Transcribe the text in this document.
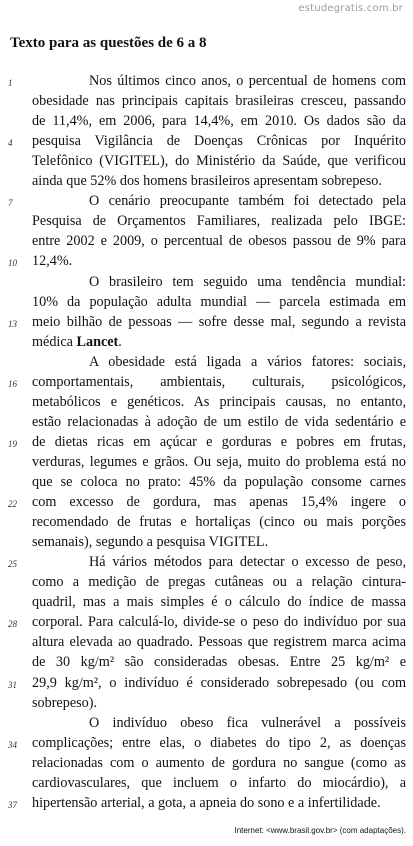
estudegratis.com.br
Texto para as questões de 6 a 8
Nos últimos cinco anos, o percentual de homens com
obesidade nas principais capitais brasileiras cresceu, passando
de 11,4%, em 2006, para 14,4%, em 2010. Os dados são da
pesquisa Vigilância de Doenças Crônicas por Inquérito
Telefônico (VIGITEL), do Ministério da Saúde, que verificou
ainda que 52% dos homens brasileiros apresentam sobrepeso.
O cenário preocupante também foi detectado pela
Pesquisa de Orçamentos Familiares, realizada pelo IBGE:
entre 2002 e 2009, o percentual de obesos passou de 9% para
12,4%.
O brasileiro tem seguido uma tendência mundial:
10% da população adulta mundial — parcela estimada em
meio bilhão de pessoas — sofre desse mal, segundo a revista
médica Lancet.
A obesidade está ligada a vários fatores: sociais,
comportamentais, ambientais, culturais, psicológicos,
metabólicos e genéticos. As principais causas, no entanto,
estão relacionadas à adoção de um estilo de vida sedentário e
de dietas ricas em açúcar e gorduras e pobres em frutas,
verduras, legumes e grãos. Ou seja, muito do problema está no
que se coloca no prato: 45% da população consome carnes
com excesso de gordura, mas apenas 15,4% ingere o
recomendado de frutas e hortaliças (cinco ou mais porções
semanais), segundo a pesquisa VIGITEL.
Há vários métodos para detectar o excesso de peso,
como a medição de pregas cutâneas ou a relação cintura-
quadril, mas a mais simples é o cálculo do índice de massa
corporal. Para calculá-lo, divide-se o peso do indivíduo por sua
altura elevada ao quadrado. Pessoas que registrem marca acima
de 30 kg/m² são consideradas obesas. Entre 25 kg/m² e
29,9 kg/m², o indivíduo é considerado sobrepesado (ou com
sobrepeso).
O indivíduo obeso fica vulnerável a possíveis
complicações; entre elas, o diabetes do tipo 2, as doenças
relacionadas com o aumento de gordura no sangue (como as
cardiovasculares, que incluem o infarto do miocárdio), a
hipertensão arterial, a gota, a apneia do sono e a infertilidade.
1
4
7
10
13
16
19
22
25
28
31
34
37
Internet: <www.brasil.gov.br> (com adaptações).
